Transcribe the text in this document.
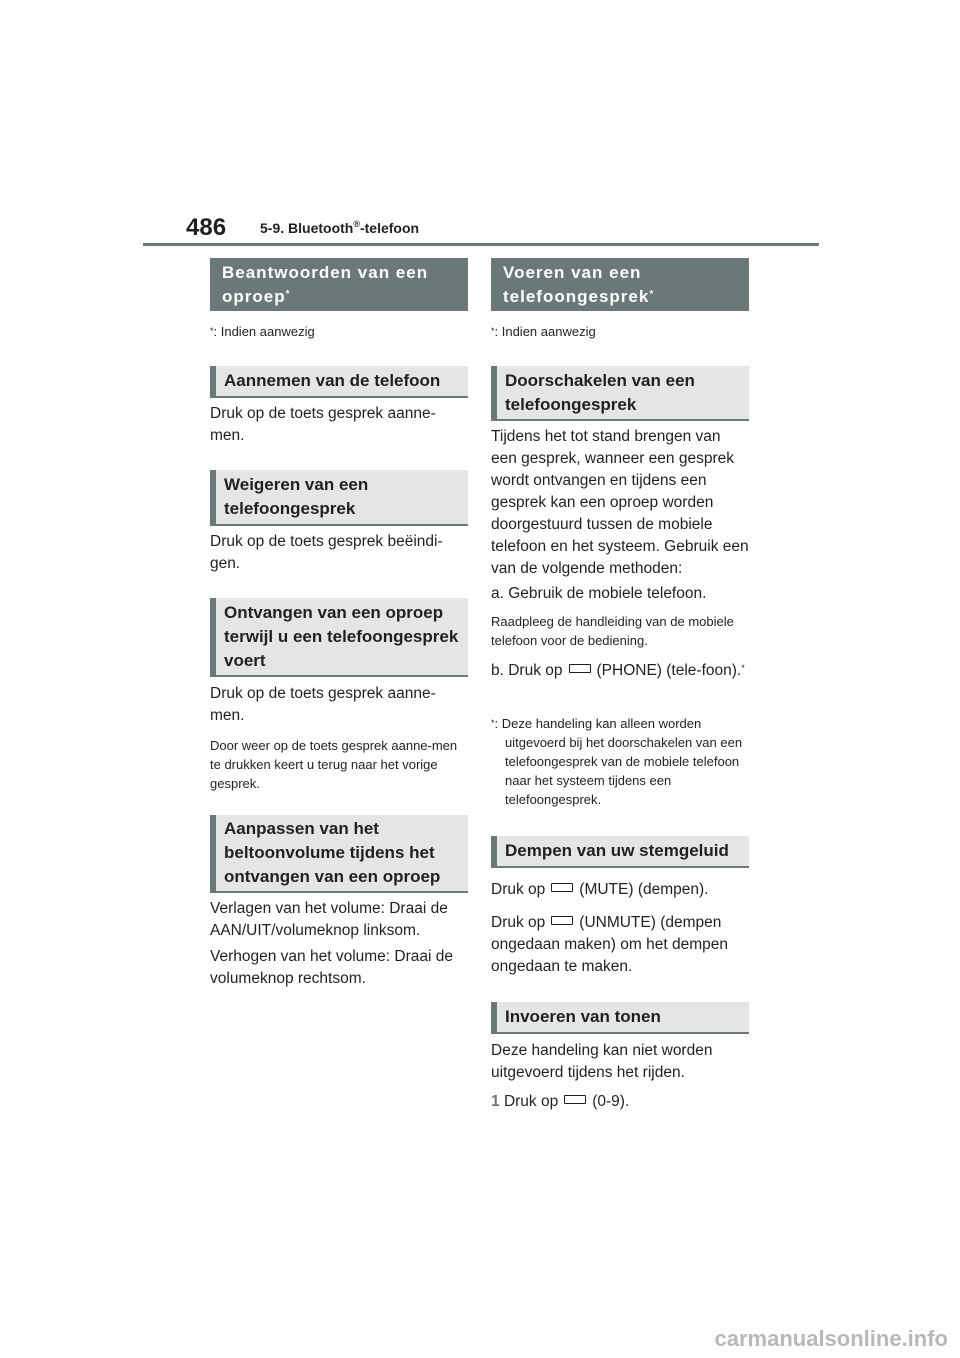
486 5-9. Bluetooth®-telefoon
Beantwoorden van een oproep*
*: Indien aanwezig
Aannemen van de telefoon
Druk op de toets gesprek aanne-men.
Weigeren van een telefoongesprek
Druk op de toets gesprek beëindi-gen.
Ontvangen van een oproep terwijl u een telefoongesprek voert
Druk op de toets gesprek aanne-men.
Door weer op de toets gesprek aanne-men te drukken keert u terug naar het vorige gesprek.
Aanpassen van het beltoonvolume tijdens het ontvangen van een oproep
Verlagen van het volume: Draai de AAN/UIT/volumeknop linksom.
Verhogen van het volume: Draai de volumeknop rechtsom.
Voeren van een telefoongesprek*
*: Indien aanwezig
Doorschakelen van een telefoongesprek
Tijdens het tot stand brengen van een gesprek, wanneer een gesprek wordt ontvangen en tijdens een gesprek kan een oproep worden doorgestuurd tussen de mobiele telefoon en het systeem. Gebruik een van de volgende methoden:
a. Gebruik de mobiele telefoon.
Raadpleeg de handleiding van de mobiele telefoon voor de bediening.
b. Druk op (PHONE) (tele-foon).*
*: Deze handeling kan alleen worden uitgevoerd bij het doorschakelen van een telefoongesprek van de mobiele telefoon naar het systeem tijdens een telefoongesprek.
Dempen van uw stemgeluid
Druk op (MUTE) (dempen).
Druk op (UNMUTE) (dempen ongedaan maken) om het dempen ongedaan te maken.
Invoeren van tonen
Deze handeling kan niet worden uitgevoerd tijdens het rijden.
1 Druk op (0-9).
carmanualsonline.info
